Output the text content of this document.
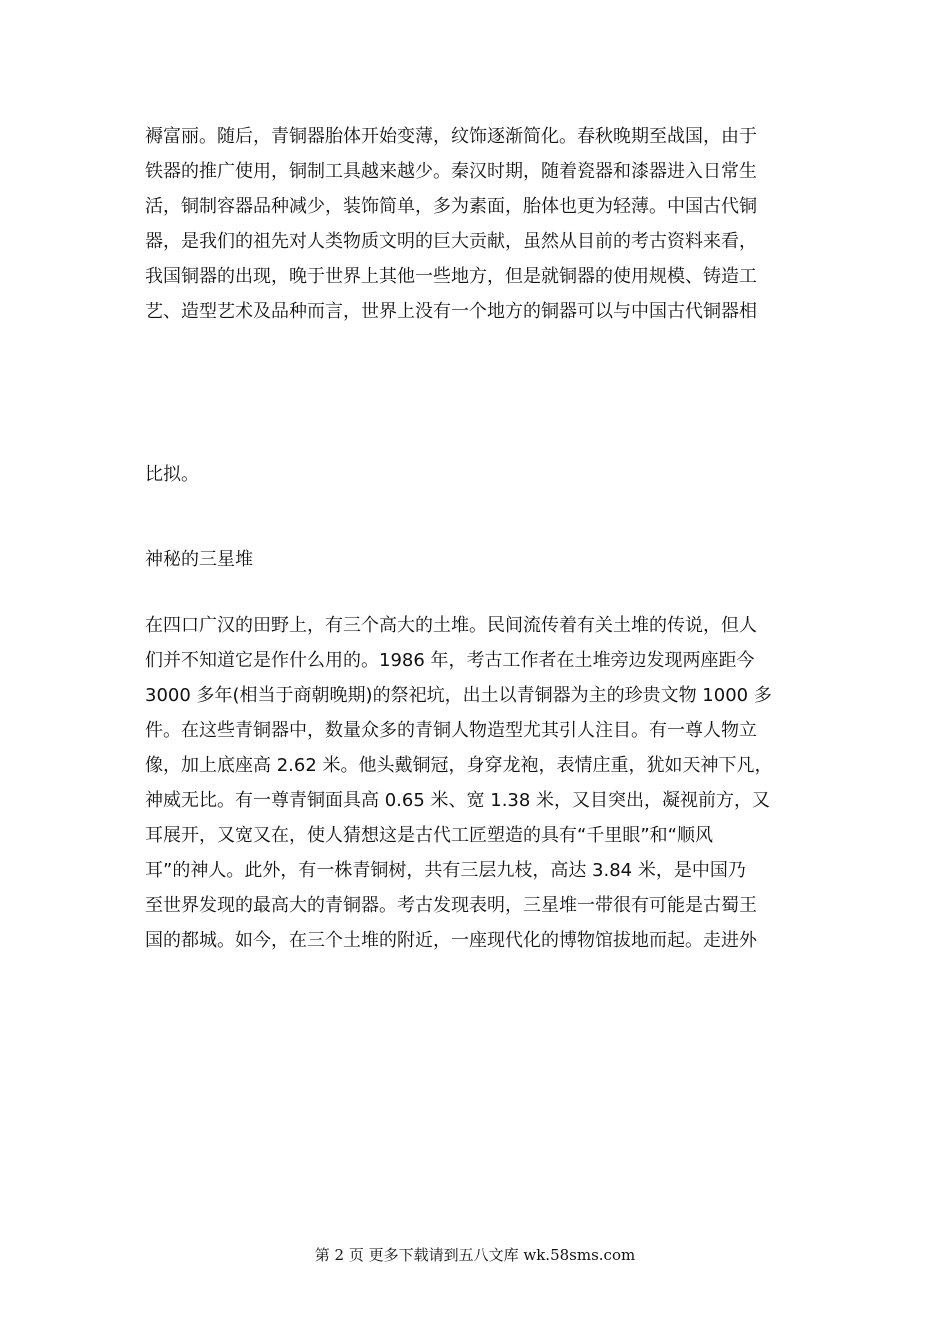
褥富丽。随后，青铜器胎体开始变薄，纹饰逐渐简化。春秋晚期至战国，由于
铁器的推广使用，铜制工具越来越少。秦汉时期，随着瓷器和漆器进入日常生
活，铜制容器品种减少，装饰简单，多为素面，胎体也更为轻薄。中国古代铜
器，是我们的祖先对人类物质文明的巨大贡献，虽然从目前的考古资料来看，
我国铜器的出现，晚于世界上其他一些地方，但是就铜器的使用规模、铸造工
艺、造型艺术及品种而言，世界上没有一个地方的铜器可以与中国古代铜器相
比拟。
神秘的三星堆
在四口广汉的田野上，有三个高大的土堆。民间流传着有关土堆的传说，但人
们并不知道它是作什么用的。1986 年，考古工作者在土堆旁边发现两座距今
3000 多年(相当于商朝晚期)的祭祀坑，出土以青铜器为主的珍贵文物 1000 多
件。在这些青铜器中，数量众多的青铜人物造型尤其引人注目。有一尊人物立
像，加上底座高 2.62 米。他头戴铜冠，身穿龙袍，表情庄重，犹如天神下凡，
神威无比。有一尊青铜面具高 0.65 米、宽 1.38 米，又目突出，凝视前方，又
耳展开，又宽又在，使人猜想这是古代工匠塑造的具有“千里眼”和“顺风
耳”的神人。此外，有一株青铜树，共有三层九枝，高达 3.84 米，是中国乃
至世界发现的最高大的青铜器。考古发现表明，三星堆一带很有可能是古蜀王
国的都城。如今，在三个土堆的附近，一座现代化的博物馆拔地而起。走进外
第 2 页 更多下载请到五八文库 wk.58sms.com
